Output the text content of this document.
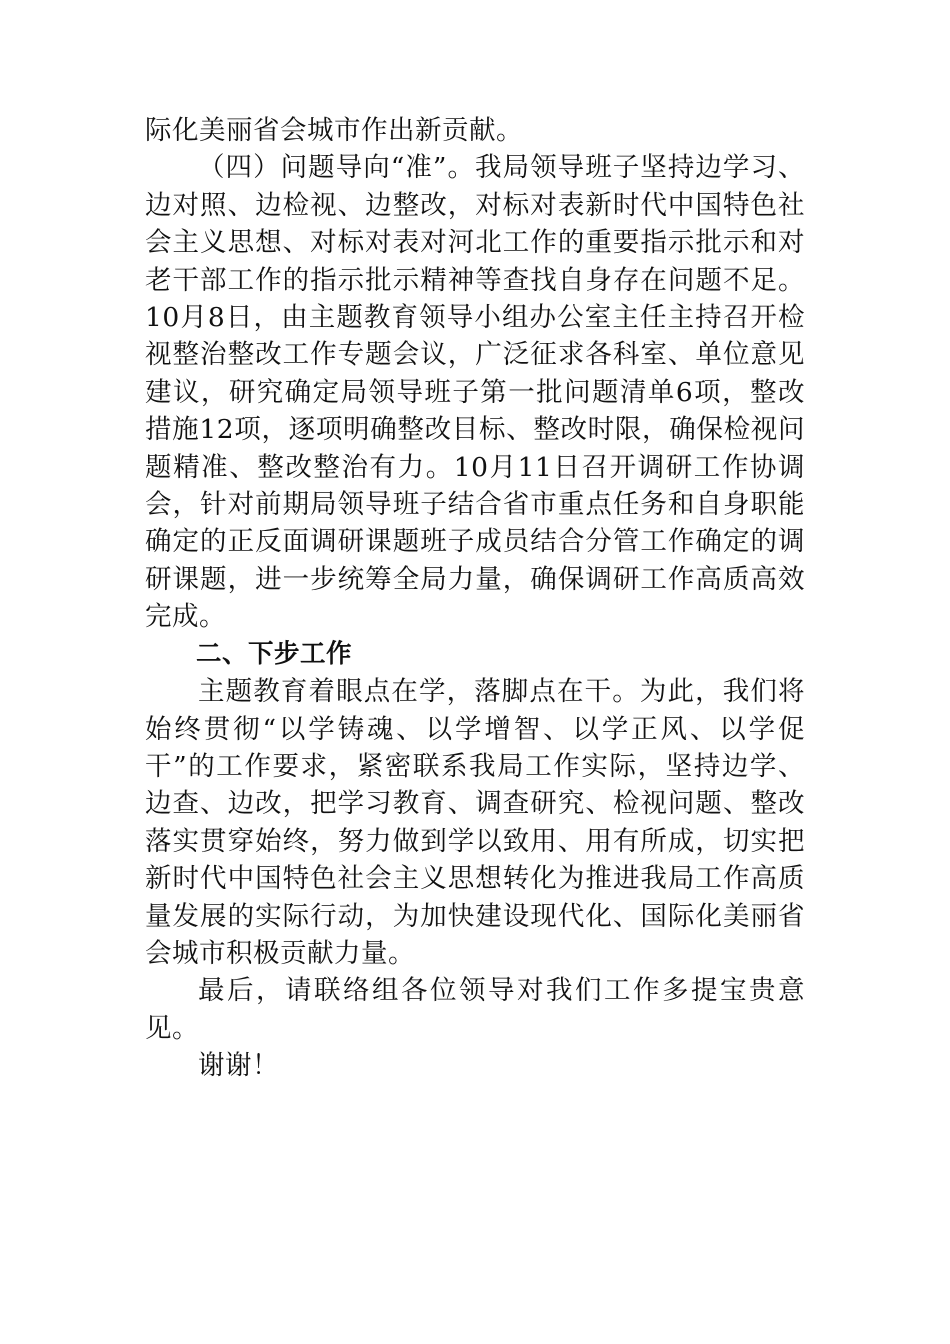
际化美丽省会城市作出新贡献。

（四）问题导向“准”。我局领导班子坚持边学习、边对照、边检视、边整改，对标对表新时代中国特色社会主义思想、对标对表对河北工作的重要指示批示和对老干部工作的指示批示精神等查找自身存在问题不足。10月8日，由主题教育领导小组办公室主任主持召开检视整治整改工作专题会议，广泛征求各科室、单位意见建议，研究确定局领导班子第一批问题清单6项，整改措施12项，逐项明确整改目标、整改时限，确保检视问题精准、整改整治有力。10月11日召开调研工作协调会，针对前期局领导班子结合省市重点任务和自身职能确定的正反面调研课题班子成员结合分管工作确定的调研课题，进一步统筹全局力量，确保调研工作高质高效完成。

二、下步工作

主题教育着眼点在学，落脚点在干。为此，我们将始终贯彻“以学铸魂、以学增智、以学正风、以学促干”的工作要求，紧密联系我局工作实际，坚持边学、边查、边改，把学习教育、调查研究、检视问题、整改落实贯穿始终，努力做到学以致用、用有所成，切实把新时代中国特色社会主义思想转化为推进我局工作高质量发展的实际行动，为加快建设现代化、国际化美丽省会城市积极贡献力量。

最后，请联络组各位领导对我们工作多提宝贵意见。

谢谢！
